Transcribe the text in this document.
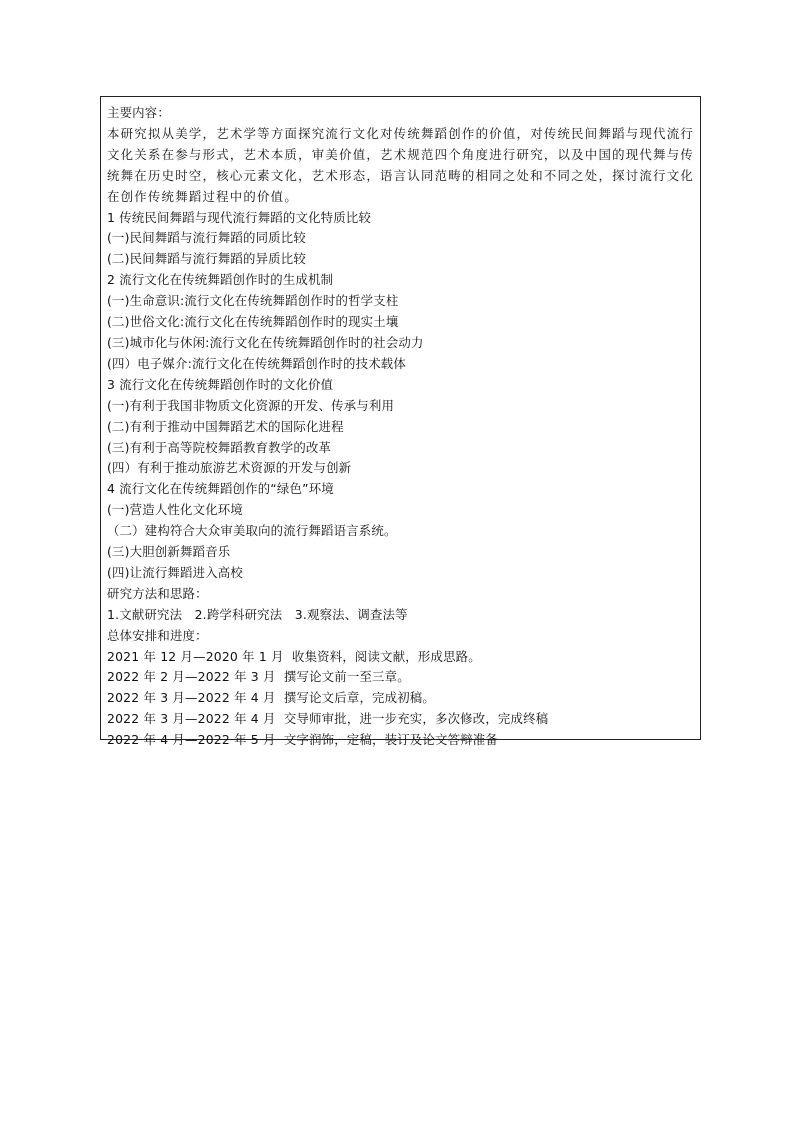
主要内容：
本研究拟从美学，艺术学等方面探究流行文化对传统舞蹈创作的价值，对传统民间舞蹈与现代流行文化关系在参与形式，艺术本质，审美价值，艺术规范四个角度进行研究，以及中国的现代舞与传统舞在历史时空，核心元素文化，艺术形态，语言认同范畴的相同之处和不同之处，探讨流行文化在创作传统舞蹈过程中的价值。
1 传统民间舞蹈与现代流行舞蹈的文化特质比较
(一)民间舞蹈与流行舞蹈的同质比较
(二)民间舞蹈与流行舞蹈的异质比较
2 流行文化在传统舞蹈创作时的生成机制
(一)生命意识:流行文化在传统舞蹈创作时的哲学支柱
(二)世俗文化:流行文化在传统舞蹈创作时的现实土壤
(三)城市化与休闲:流行文化在传统舞蹈创作时的社会动力
(四）电子媒介:流行文化在传统舞蹈创作时的技术载体
3 流行文化在传统舞蹈创作时的文化价值
(一)有利于我国非物质文化资源的开发、传承与利用
(二)有利于推动中国舞蹈艺术的国际化进程
(三)有利于高等院校舞蹈教育教学的改革
(四）有利于推动旅游艺术资源的开发与创新
4 流行文化在传统舞蹈创作的“绿色”环境
(一)营造人性化文化环境
（二）建构符合大众审美取向的流行舞蹈语言系统。
(三)大胆创新舞蹈音乐
(四)让流行舞蹈进入高校
研究方法和思路：
1.文献研究法   2.跨学科研究法   3.观察法、调查法等
总体安排和进度：
2021 年 12 月—2020 年 1 月  收集资料，阅读文献，形成思路。
2022 年 2 月—2022 年 3 月  撰写论文前一至三章。
2022 年 3 月—2022 年 4 月  撰写论文后章，完成初稿。
2022 年 3 月—2022 年 4 月  交导师审批，进一步充实，多次修改，完成终稿
2022 年 4 月—2022 年 5 月  文字润饰，定稿，装订及论文答辩准备
